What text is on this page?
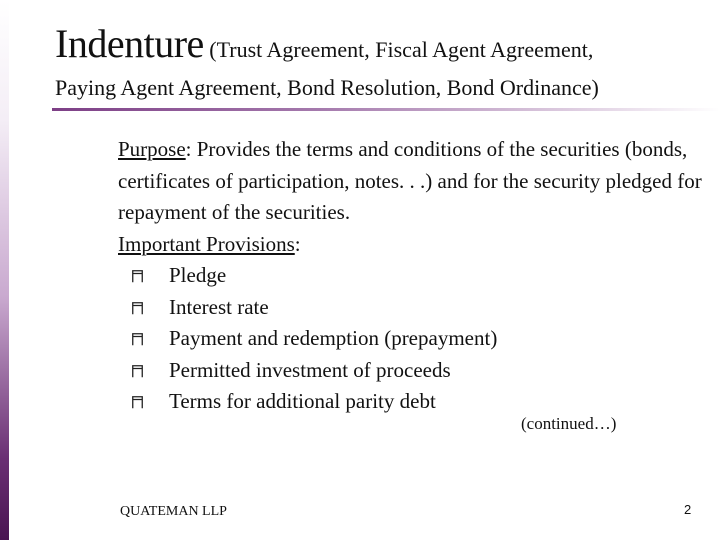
Indenture (Trust Agreement, Fiscal Agent Agreement,
Paying Agent Agreement, Bond Resolution, Bond Ordinance)

Purpose: Provides the terms and conditions of the securities (bonds, certificates of participation, notes. . .) and for the security pledged for repayment of the securities.

Important Provisions:

Pledge
Interest rate
Payment and redemption (prepayment)
Permitted investment of proceeds
Terms for additional parity debt
(continued…)
QUATEMAN LLP	2
